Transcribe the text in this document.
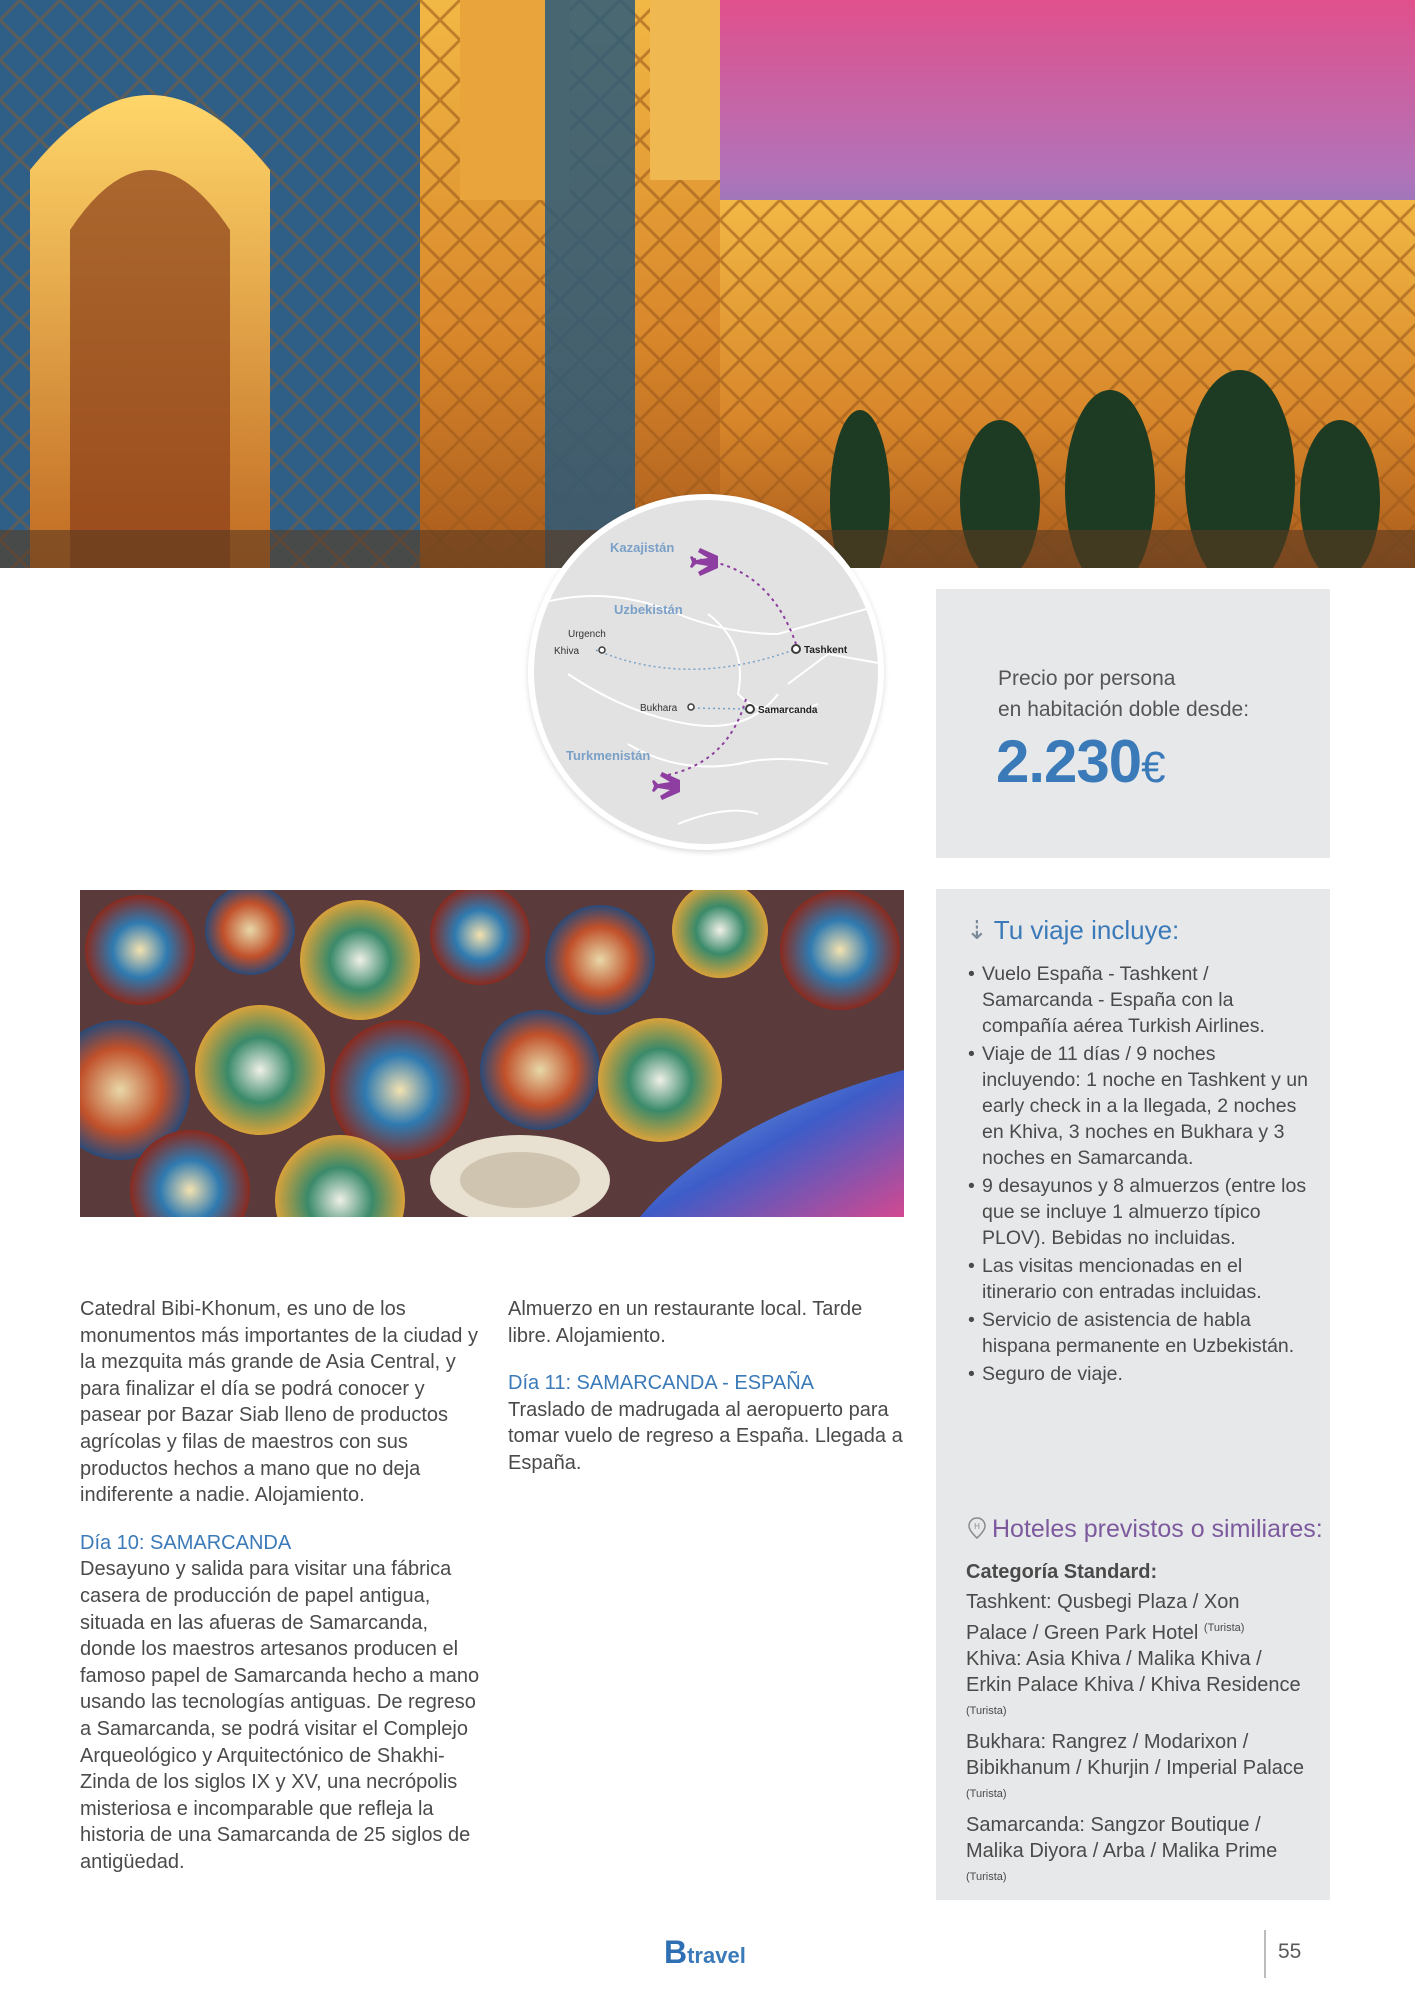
Kazajistán
Uzbekistán
Turkmenistán
Urgench
Khiva	Tashkent
Bukhara	Samarcanda
Precio por persona
en habitación doble desde:
2.230€

Catedral Bibi-Khonum, es uno de los monumentos más importantes de la ciudad y la mezquita más grande de Asia Central, y para finalizar el día se podrá conocer y pasear por Bazar Siab lleno de productos agrícolas y filas de maestros con sus productos hechos a mano que no deja indiferente a nadie. Alojamiento.

Día 10: SAMARCANDA
Desayuno y salida para visitar una fábrica casera de producción de papel antigua, situada en las afueras de Samarcanda, donde los maestros artesanos producen el famoso papel de Samarcanda hecho a mano usando las tecnologías antiguas. De regreso a Samarcanda, se podrá visitar el Complejo Arqueológico y Arquitectónico de Shakhi-Zinda de los siglos IX y XV, una necrópolis misteriosa e incomparable que refleja la historia de una Samarcanda de 25 siglos de antigüedad.

Almuerzo en un restaurante local. Tarde libre. Alojamiento.

Día 11: SAMARCANDA - ESPAÑA
Traslado de madrugada al aeropuerto para tomar vuelo de regreso a España. Llegada a España.

⇣ Tu viaje incluye:
• Vuelo España - Tashkent / Samarcanda - España con la compañía aérea Turkish Airlines.
• Viaje de 11 días / 9 noches incluyendo: 1 noche en Tashkent y un early check in a la llegada, 2 noches en Khiva, 3 noches en Bukhara y 3 noches en Samarcanda.
• 9 desayunos y 8 almuerzos (entre los que se incluye 1 almuerzo típico PLOV). Bebidas no incluidas.
• Las visitas mencionadas en el itinerario con entradas incluidas.
• Servicio de asistencia de habla hispana permanente en Uzbekistán.
• Seguro de viaje.
H Hoteles previstos o similiares:
Categoría Standard:
Tashkent: Qusbegi Plaza / Xon Palace / Green Park Hotel $^{(Turista)}$
Khiva: Asia Khiva / Malika Khiva / Erkin Palace Khiva / Khiva Residence $^{(Turista)}$
Bukhara: Rangrez / Modarixon / Bibikhanum / Khurjin / Imperial Palace $^{(Turista)}$
Samarcanda: Sangzor Boutique / Malika Diyora / Arba / Malika Prime $^{(Turista)}$
Btravel	55
